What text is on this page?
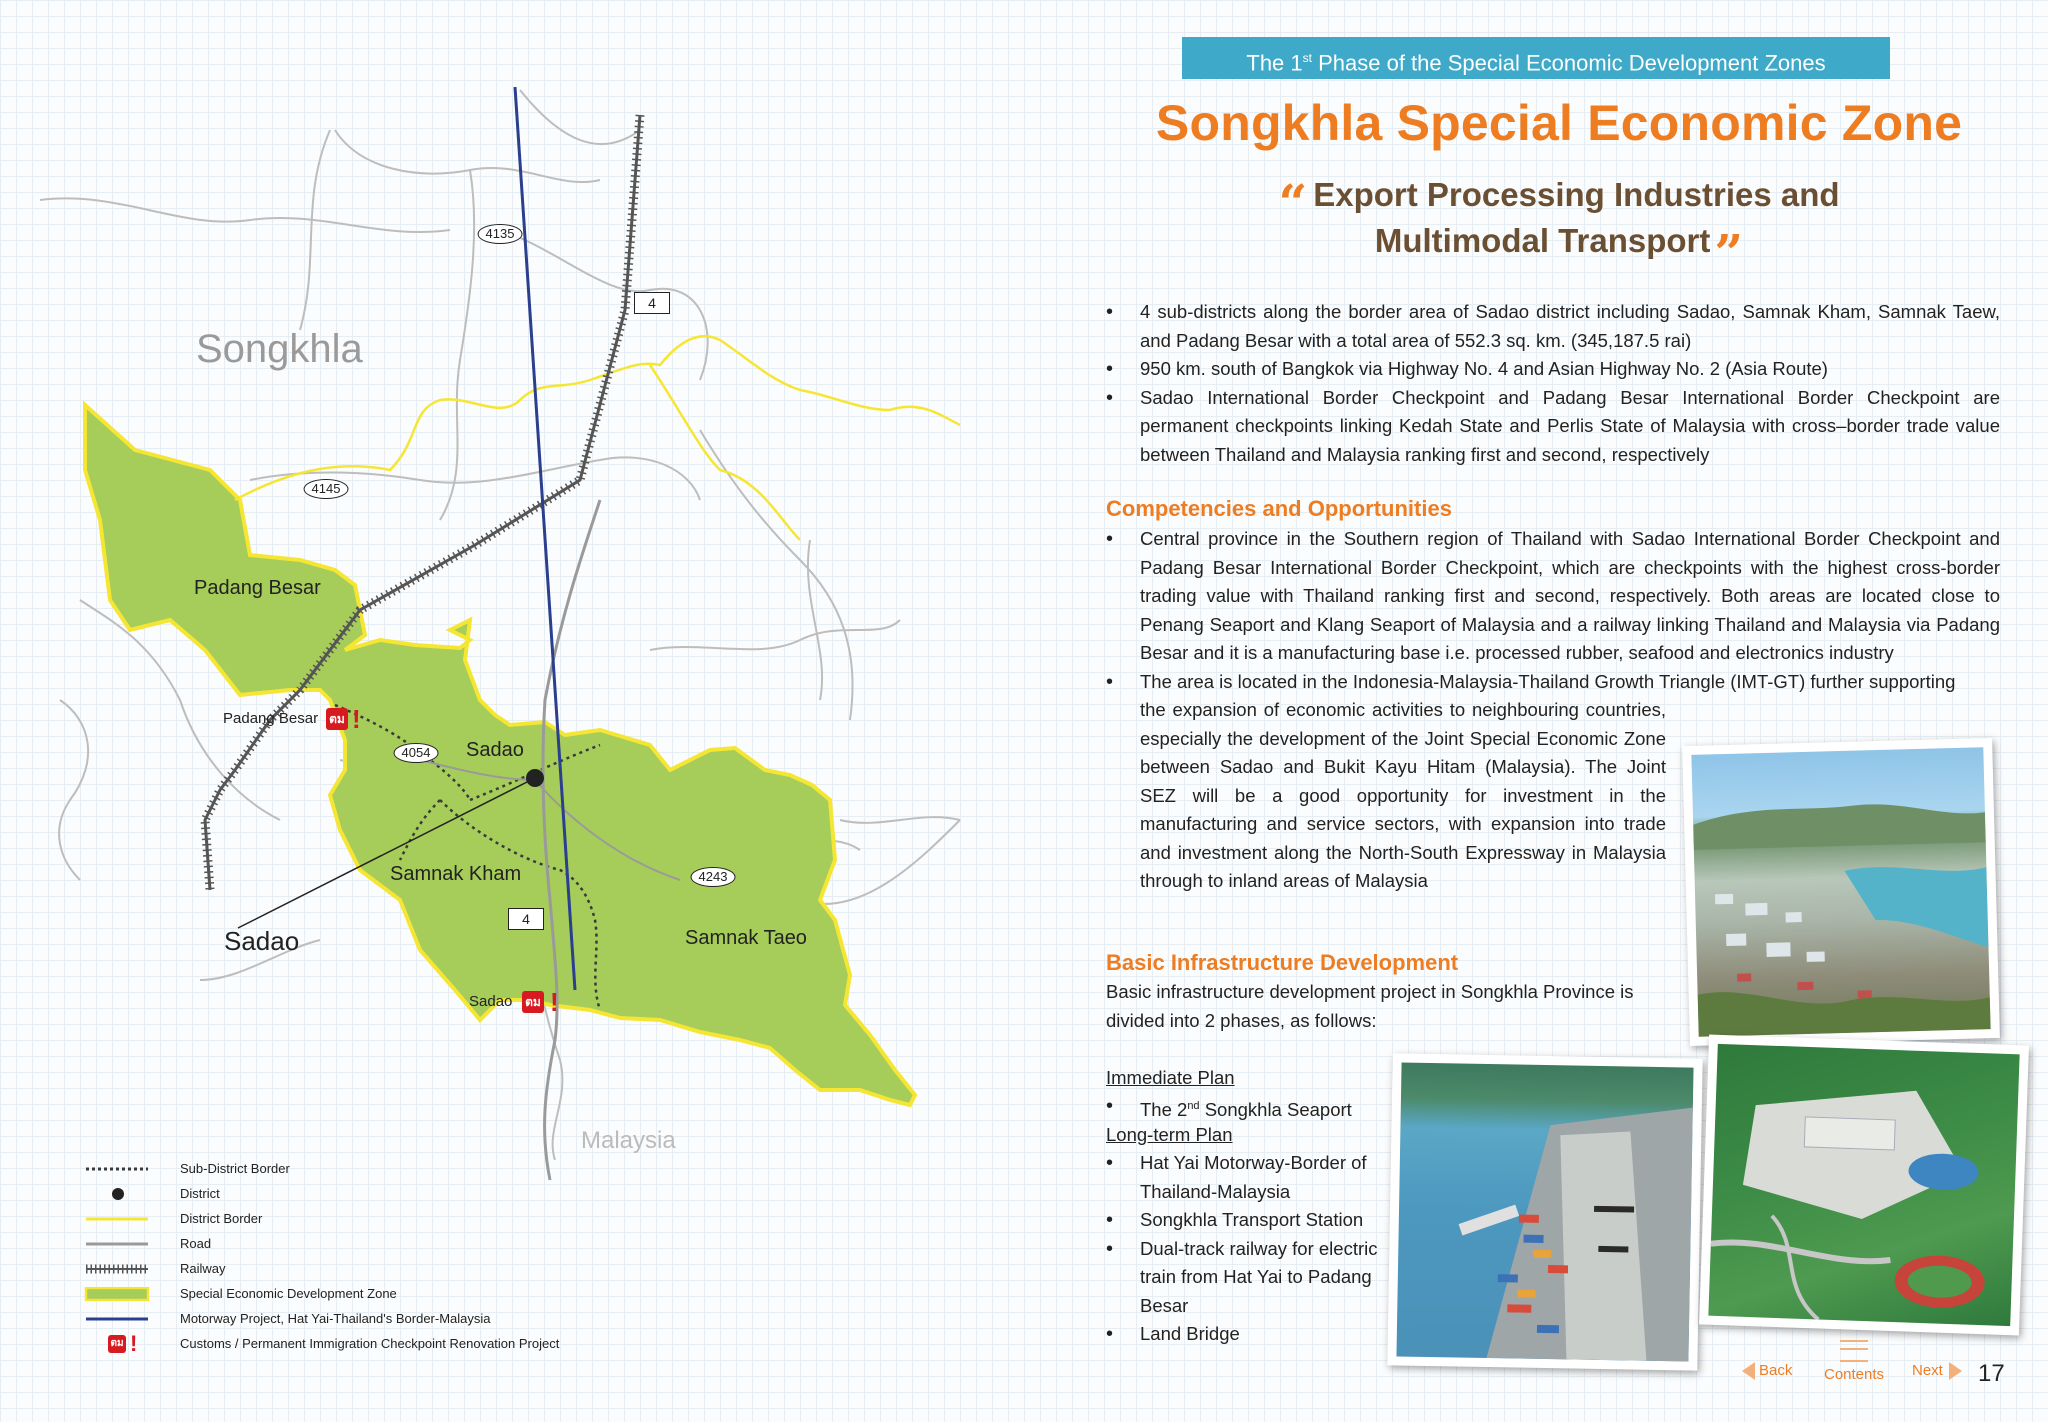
Songkhla
Malaysia
Padang Besar
Sadao
Samnak Kham
Samnak Taeo
Sadao
4135
4145
4054
4243
4
4
Padang Besar ตม !
Sadao ตม !
Sub-District Border
District
District Border
Road
Railway
Special Economic Development Zone
Motorway Project, Hat Yai-Thailand's Border-Malaysia
ตม !	Customs / Permanent Immigration Checkpoint Renovation Project
The 1st Phase of the Special Economic Development Zones
Songkhla Special Economic Zone
“ Export Processing Industries and
Multimodal Transport”
• 4 sub-districts along the border area of Sadao district including Sadao, Samnak Kham, Samnak Taew, and Padang Besar with a total area of 552.3 sq. km. (345,187.5 rai)
• 950 km. south of Bangkok via Highway No. 4 and Asian Highway No. 2 (Asia Route)
• Sadao International Border Checkpoint and Padang Besar International Border Checkpoint are permanent checkpoints linking Kedah State and Perlis State of Malaysia with cross–border trade value between Thailand and Malaysia ranking first and second, respectively
Competencies and Opportunities
• Central province in the Southern region of Thailand with Sadao International Border Checkpoint and Padang Besar International Border Checkpoint, which are checkpoints with the highest cross-border trading value with Thailand ranking first and second, respectively. Both areas are located close to Penang Seaport and Klang Seaport of Malaysia and a railway linking Thailand and Malaysia via Padang Besar and it is a manufacturing base i.e. processed rubber, seafood and electronics industry
• The area is located in the Indonesia-Malaysia-Thailand Growth Triangle (IMT-GT) further supporting
the expansion of economic activities to neighbouring countries, especially the development of the Joint Special Economic Zone between Sadao and Bukit Kayu Hitam (Malaysia). The Joint SEZ will be a good opportunity for investment in the manufacturing and service sectors, with expansion into trade and investment along the North-South Expressway in Malaysia through to inland areas of Malaysia
Basic Infrastructure Development
Basic infrastructure development project in Songkhla Province is divided into 2 phases, as follows:
Immediate Plan
• The 2nd Songkhla Seaport
Long-term Plan
• Hat Yai Motorway-Border of Thailand-Malaysia
• Songkhla Transport Station
• Dual-track railway for electric train from Hat Yai to Padang Besar
• Land Bridge
Back Contents Next	17
